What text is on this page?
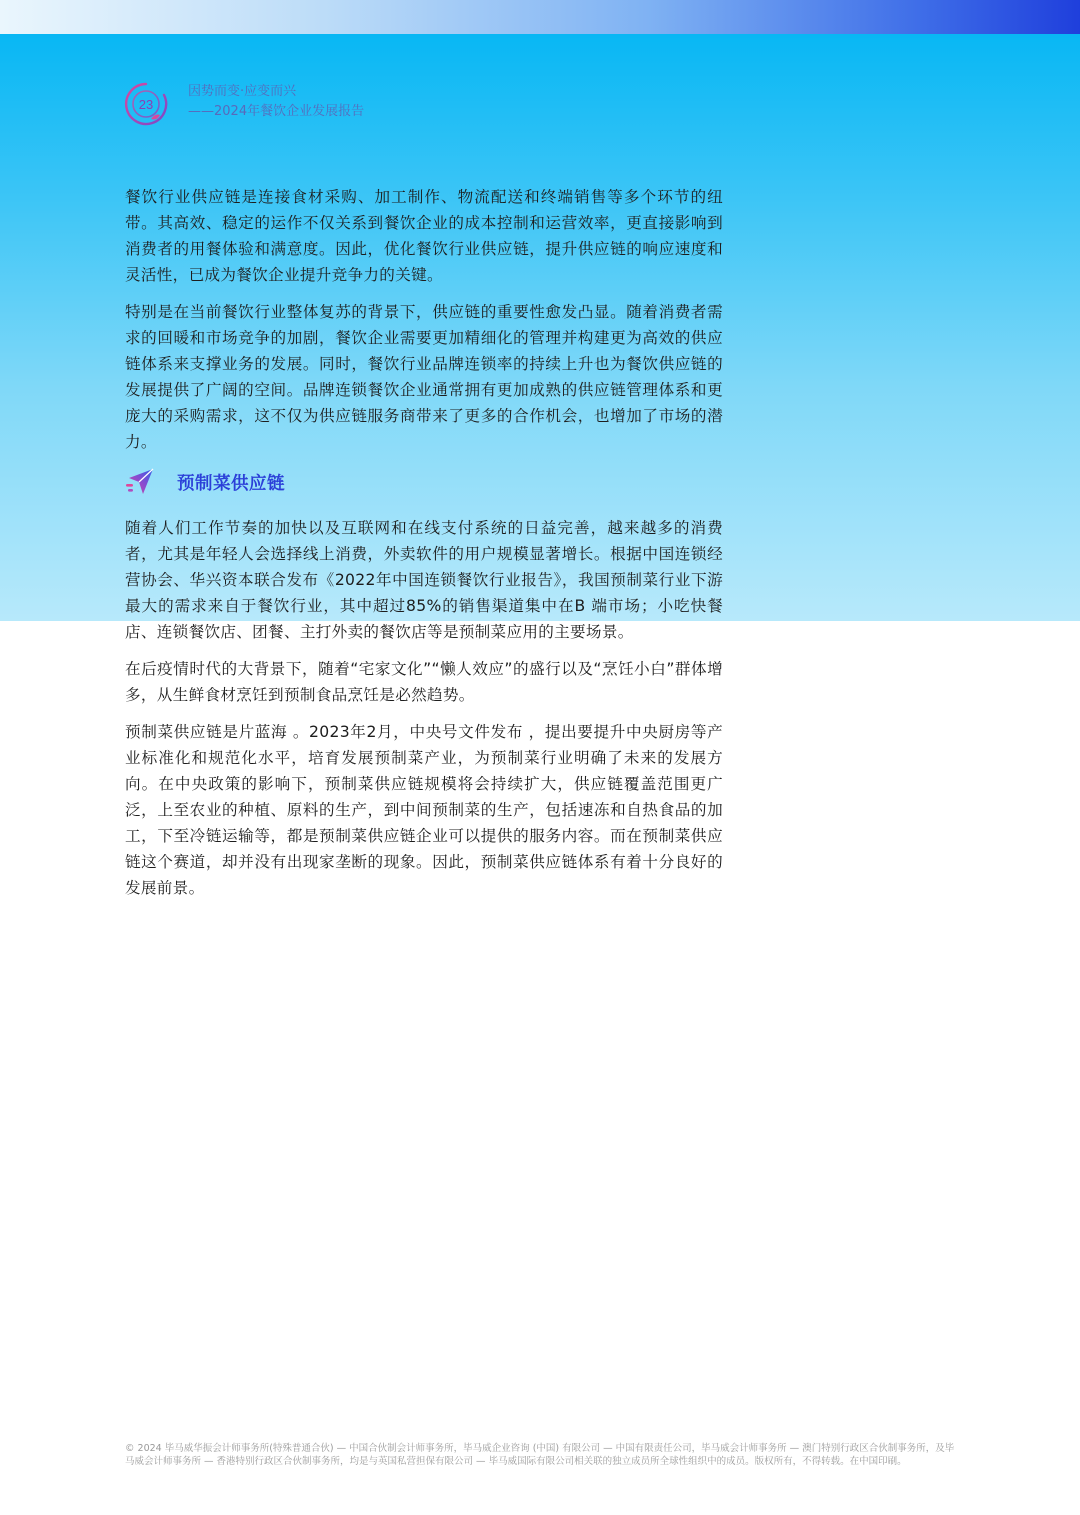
23
因势而变·应变而兴
——2024年餐饮企业发展报告

餐饮行业供应链是连接食材采购、加工制作、物流配送和终端销售等多个环节的纽带。其高效、稳定的运作不仅关系到餐饮企业的成本控制和运营效率，更直接影响到消费者的用餐体验和满意度。因此，优化餐饮行业供应链，提升供应链的响应速度和灵活性，已成为餐饮企业提升竞争力的关键。

特别是在当前餐饮行业整体复苏的背景下，供应链的重要性愈发凸显。随着消费者需求的回暖和市场竞争的加剧，餐饮企业需要更加精细化的管理并构建更为高效的供应链体系来支撑业务的发展。同时，餐饮行业品牌连锁率的持续上升也为餐饮供应链的发展提供了广阔的空间。品牌连锁餐饮企业通常拥有更加成熟的供应链管理体系和更庞大的采购需求，这不仅为供应链服务商带来了更多的合作机会，也增加了市场的潜力。

预制菜供应链

随着人们工作节奏的加快以及互联网和在线支付系统的日益完善，越来越多的消费者，尤其是年轻人会选择线上消费，外卖软件的用户规模显著增长。根据中国连锁经营协会、华兴资本联合发布《2022年中国连锁餐饮行业报告》，我国预制菜行业下游最大的需求来自于餐饮行业，其中超过85%的销售渠道集中在B 端市场；小吃快餐店、连锁餐饮店、团餐、主打外卖的餐饮店等是预制菜应用的主要场景。

在后疫情时代的大背景下，随着“宅家文化”“懒人效应”的盛行以及“烹饪小白”群体增多，从生鲜食材烹饪到预制食品烹饪是必然趋势。

预制菜供应链是片蓝海 。2023年2月，中央号文件发布 ，提出要提升中央厨房等产业标准化和规范化水平，培育发展预制菜产业，为预制菜行业明确了未来的发展方向。在中央政策的影响下，预制菜供应链规模将会持续扩大，供应链覆盖范围更广泛，上至农业的种植、原料的生产，到中间预制菜的生产，包括速冻和自热食品的加工，下至冷链运输等，都是预制菜供应链企业可以提供的服务内容。而在预制菜供应链这个赛道，却并没有出现家垄断的现象。因此，预制菜供应链体系有着十分良好的发展前景。

© 2024 毕马威华振会计师事务所(特殊普通合伙) — 中国合伙制会计师事务所，毕马威企业咨询 (中国) 有限公司 — 中国有限责任公司，毕马威会计师事务所 — 澳门特别行政区合伙制事务所，及毕马威会计师事务所 — 香港特别行政区合伙制事务所，均是与英国私营担保有限公司 — 毕马威国际有限公司相关联的独立成员所全球性组织中的成员。版权所有，不得转载。在中国印刷。
